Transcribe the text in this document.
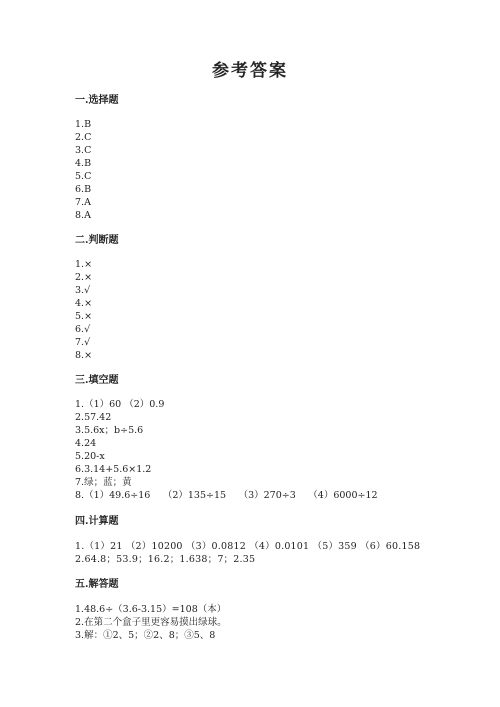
参考答案
一.选择题
1.B
2.C
3.C
4.B
5.C
6.B
7.A
8.A
二.判断题
1.×
2.×
3.√
4.×
5.×
6.√
7.√
8.×
三.填空题
1.（1）60 （2）0.9
2.57.42
3.5.6x；b÷5.6
4.24
5.20-x
6.3.14+5.6×1.2
7.绿；蓝；黄
8.（1）49.6÷16　 （2）135÷15　 （3）270÷3　 （4）6000÷12
四.计算题
1.（1）21 （2）10200 （3）0.0812 （4）0.0101 （5）359 （6）60.158
2.64.8；53.9；16.2；1.638；7；2.35
五.解答题
1.48.6÷（3.6-3.15）=108（本）
2.在第二个盒子里更容易摸出绿球。
3.解：①2、5；②2、8；③5、8
